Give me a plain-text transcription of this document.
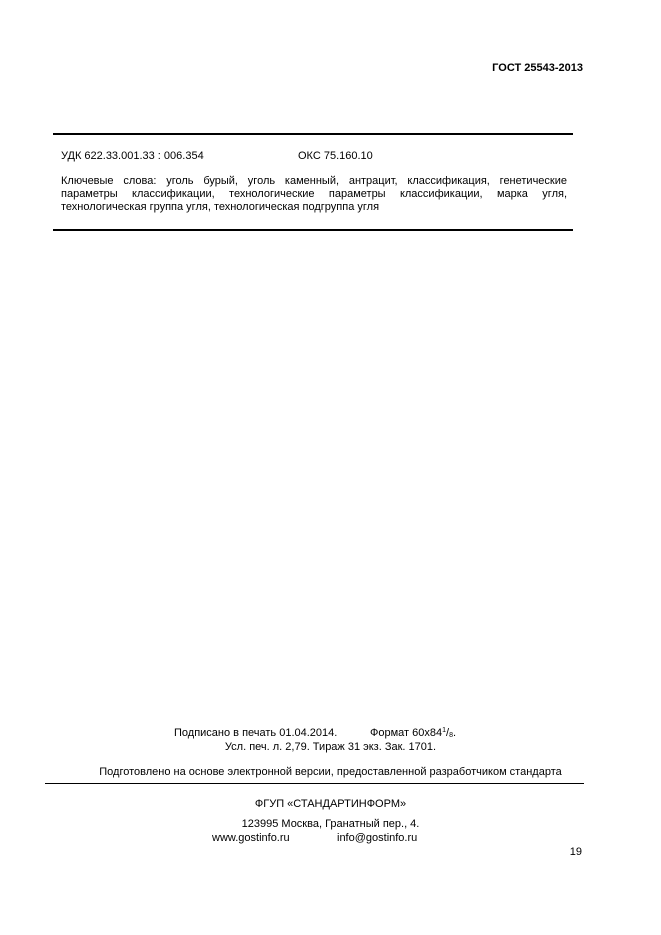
ГОСТ 25543-2013
УДК 622.33.001.33 : 006.354	ОКС 75.160.10
Ключевые слова: уголь бурый, уголь каменный, антрацит, классификация, генетические параметры классификации, технологические параметры классификации, марка угля, технологическая группа угля, технологическая подгруппа угля
Подписано в печать 01.04.2014.	Формат $60x84^1/_8$.
Усл. печ. л. 2,79. Тираж 31 экз. Зак. 1701.
Подготовлено на основе электронной версии, предоставленной разработчиком стандарта
ФГУП «СТАНДАРТИНФОРМ»
123995 Москва, Гранатный пер., 4.
www.gostinfo.ru	info@gostinfo.ru
19
